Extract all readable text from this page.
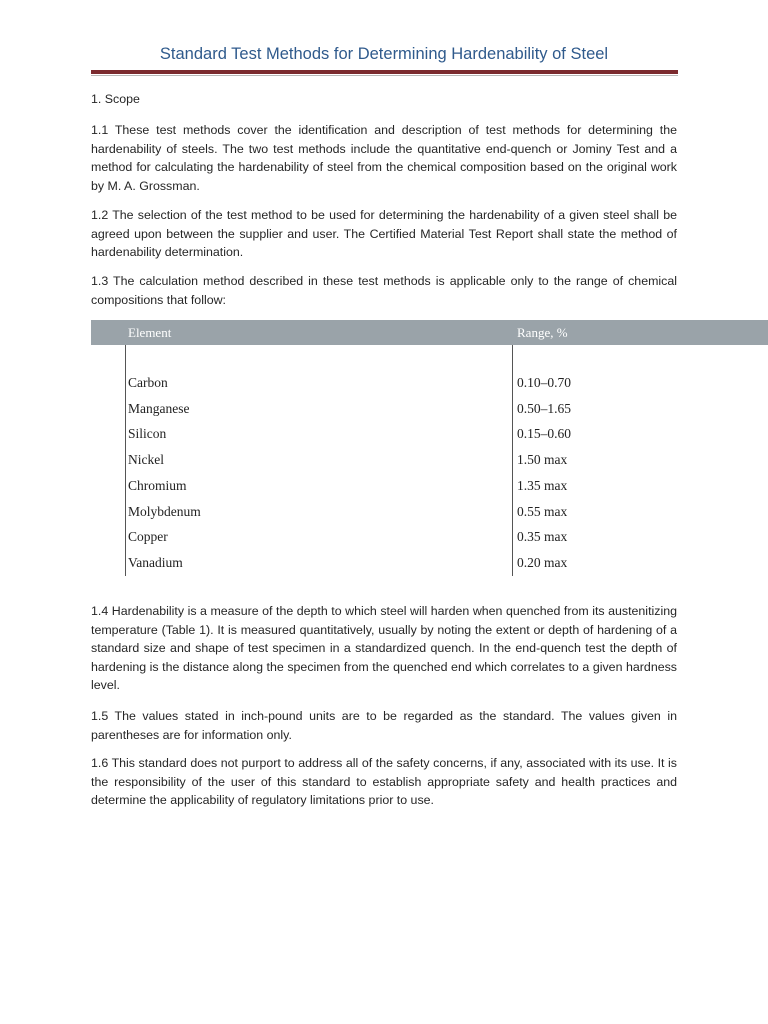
Standard Test Methods for Determining Hardenability of Steel

1. Scope

1.1 These test methods cover the identification and description of test methods for determining the hardenability of steels. The two test methods include the quantitative end-quench or Jominy Test and a method for calculating the hardenability of steel from the chemical composition based on the original work by M. A. Grossman.

1.2 The selection of the test method to be used for determining the hardenability of a given steel shall be agreed upon between the supplier and user. The Certified Material Test Report shall state the method of hardenability determination.

1.3 The calculation method described in these test methods is applicable only to the range of chemical compositions that follow:

Element	Range, %
Carbon	0.10–0.70
Manganese	0.50–1.65
Silicon	0.15–0.60
Nickel	1.50 max
Chromium	1.35 max
Molybdenum	0.55 max
Copper	0.35 max
Vanadium	0.20 max

1.4 Hardenability is a measure of the depth to which steel will harden when quenched from its austenitizing temperature (Table 1). It is measured quantitatively, usually by noting the extent or depth of hardening of a standard size and shape of test specimen in a standardized quench. In the end-quench test the depth of hardening is the distance along the specimen from the quenched end which correlates to a given hardness level.

1.5 The values stated in inch-pound units are to be regarded as the standard. The values given in parentheses are for information only.

1.6 This standard does not purport to address all of the safety concerns, if any, associated with its use. It is the responsibility of the user of this standard to establish appropriate safety and health practices and determine the applicability of regulatory limitations prior to use.
